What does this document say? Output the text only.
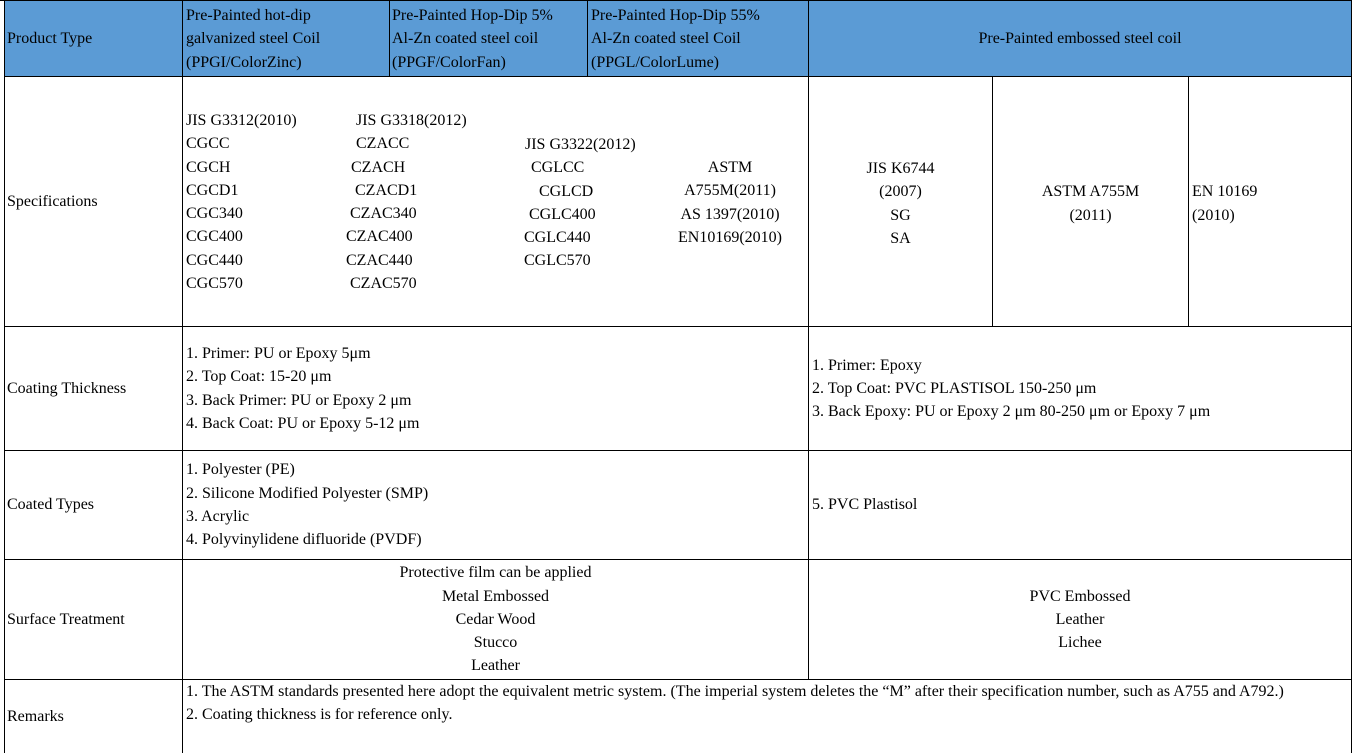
Product Type
Pre-Painted hot-dip
galvanized steel Coil
(PPGI/ColorZinc)
Pre-Painted Hop-Dip 5%
Al-Zn coated steel coil
(PPGF/ColorFan)
Pre-Painted Hop-Dip 55%
Al-Zn coated steel Coil
(PPGL/ColorLume)
Pre-Painted embossed steel coil
Specifications
JIS G3312(2010)
CGCC
CGCH
CGCD1
CGC340
CGC400
CGC440
CGC570
JIS G3318(2012)
CZACC
CZACH
CZACD1
CZAC340
CZAC400
CZAC440
CZAC570
JIS G3322(2012)
CGLCC
CGLCD
CGLC400
CGLC440
CGLC570
ASTM
A755M(2011)
AS 1397(2010)
EN10169(2010)
JIS K6744
(2007)
SG
SA
ASTM A755M
(2011)
EN 10169
(2010)
Coating Thickness
1. Primer: PU or Epoxy 5μm
2. Top Coat: 15-20 μm
3. Back Primer: PU or Epoxy 2 μm
4. Back Coat: PU or Epoxy 5-12 μm
1. Primer: Epoxy
2. Top Coat: PVC PLASTISOL 150-250 μm
3. Back Epoxy: PU or Epoxy 2 μm 80-250 μm or Epoxy 7 μm
Coated Types
1. Polyester (PE)
2. Silicone Modified Polyester (SMP)
3. Acrylic
4. Polyvinylidene difluoride (PVDF)
5. PVC Plastisol
Surface Treatment
Protective film can be applied
Metal Embossed
Cedar Wood
Stucco
Leather
PVC Embossed
Leather
Lichee
Remarks
1. The ASTM standards presented here adopt the equivalent metric system. (The imperial system deletes the “M” after their specification number, such as A755 and A792.)
2. Coating thickness is for reference only.
